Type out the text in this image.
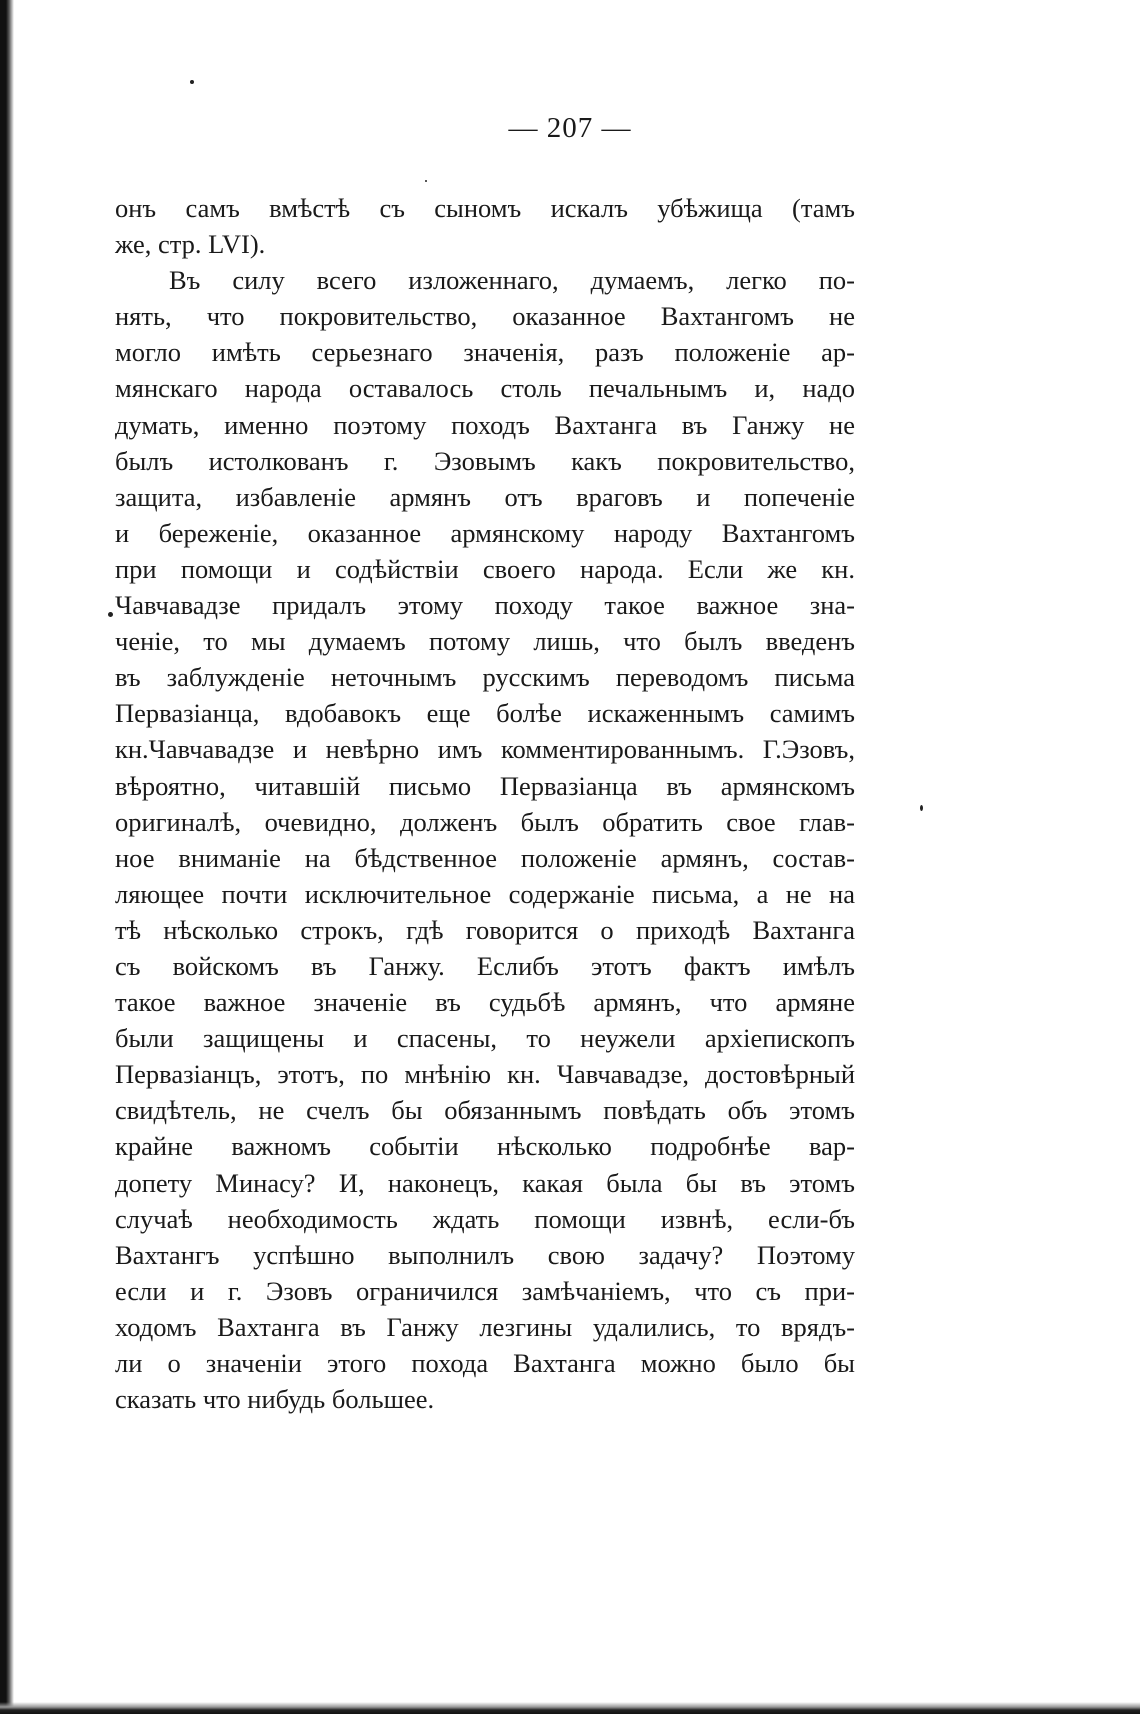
— 207 —
онъ самъ вмѣстѣ съ сыномъ искалъ убѣжища (тамъ
же, стр. LVI).
Въ силу всего изложеннаго, думаемъ, легко по-
нять, что покровительство, оказанное Вахтангомъ не
могло имѣть серьезнаго значенія, разъ положеніе ар-
мянскаго народа оставалось столь печальнымъ и, надо
думать, именно поэтому походъ Вахтанга въ Ганжу не
былъ истолкованъ г. Эзовымъ какъ покровительство,
защита, избавленіе армянъ отъ враговъ и попеченіе
и береженіе, оказанное армянскому народу Вахтангомъ
при помощи и содѣйствіи своего народа. Если же кн.
Чавчавадзе придалъ этому походу такое важное зна-
ченіе, то мы думаемъ потому лишь, что былъ введенъ
въ заблужденіе неточнымъ русскимъ переводомъ письма
Первазіанца, вдобавокъ еще болѣе искаженнымъ самимъ
кн.Чавчавадзе и невѣрно имъ комментированнымъ. Г.Эзовъ,
вѣроятно, читавшій письмо Первазіанца въ армянскомъ
оригиналѣ, очевидно, долженъ былъ обратить свое глав-
ное вниманіе на бѣдственное положеніе армянъ, состав-
ляющее почти исключительное содержаніе письма, а не на
тѣ нѣсколько строкъ, гдѣ говорится о приходѣ Вахтанга
съ войскомъ въ Ганжу. Еслибъ этотъ фактъ имѣлъ
такое важное значеніе въ судьбѣ армянъ, что армяне
были защищены и спасены, то неужели архіепископъ
Первазіанцъ, этотъ, по мнѣнію кн. Чавчавадзе, достовѣрный
свидѣтель, не счелъ бы обязаннымъ повѣдать объ этомъ
крайне важномъ событіи нѣсколько подробнѣе вар-
допету Минасу? И, наконецъ, какая была бы въ этомъ
случаѣ необходимость ждать помощи извнѣ, если-бъ
Вахтангъ успѣшно выполнилъ свою задачу? Поэтому
если и г. Эзовъ ограничился замѣчаніемъ, что съ при-
ходомъ Вахтанга въ Ганжу лезгины удалились, то врядъ-
ли о значеніи этого похода Вахтанга можно было бы
сказать что нибудь большее.
